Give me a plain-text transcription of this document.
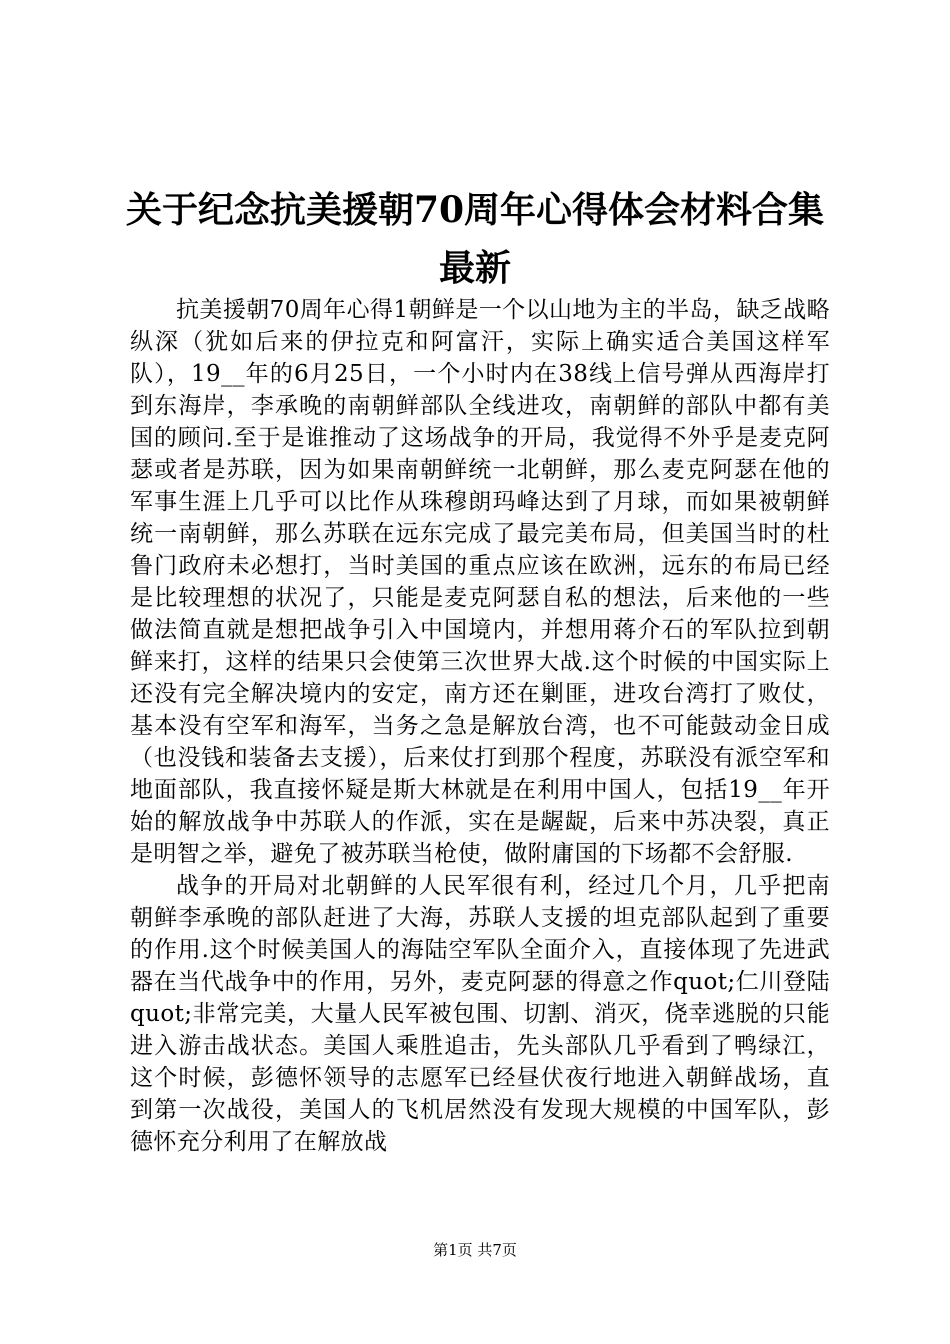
关于纪念抗美援朝70周年心得体会材料合集
最新

抗美援朝70周年心得1朝鲜是一个以山地为主的半岛，缺乏战略纵深（犹如后来的伊拉克和阿富汗，实际上确实适合美国这样军队），19__年的6月25日，一个小时内在38线上信号弹从西海岸打到东海岸，李承晚的南朝鲜部队全线进攻，南朝鲜的部队中都有美国的顾问.至于是谁推动了这场战争的开局，我觉得不外乎是麦克阿瑟或者是苏联，因为如果南朝鲜统一北朝鲜，那么麦克阿瑟在他的军事生涯上几乎可以比作从珠穆朗玛峰达到了月球，而如果被朝鲜统一南朝鲜，那么苏联在远东完成了最完美布局，但美国当时的杜鲁门政府未必想打，当时美国的重点应该在欧洲，远东的布局已经是比较理想的状况了，只能是麦克阿瑟自私的想法，后来他的一些做法简直就是想把战争引入中国境内，并想用蒋介石的军队拉到朝鲜来打，这样的结果只会使第三次世界大战.这个时候的中国实际上还没有完全解决境内的安定，南方还在剿匪，进攻台湾打了败仗，基本没有空军和海军，当务之急是解放台湾，也不可能鼓动金日成（也没钱和装备去支援），后来仗打到那个程度，苏联没有派空军和地面部队，我直接怀疑是斯大林就是在利用中国人，包括19__年开始的解放战争中苏联人的作派，实在是龌龊，后来中苏决裂，真正是明智之举，避免了被苏联当枪使，做附庸国的下场都不会舒服.

战争的开局对北朝鲜的人民军很有利，经过几个月，几乎把南朝鲜李承晚的部队赶进了大海，苏联人支援的坦克部队起到了重要的作用.这个时候美国人的海陆空军队全面介入，直接体现了先进武器在当代战争中的作用，另外，麦克阿瑟的得意之作quot;仁川登陆quot;非常完美，大量人民军被包围、切割、消灭，侥幸逃脱的只能进入游击战状态。美国人乘胜追击，先头部队几乎看到了鸭绿江，这个时候，彭德怀领导的志愿军已经昼伏夜行地进入朝鲜战场，直到第一次战役，美国人的飞机居然没有发现大规模的中国军队，彭德怀充分利用了在解放战

第1页 共7页
